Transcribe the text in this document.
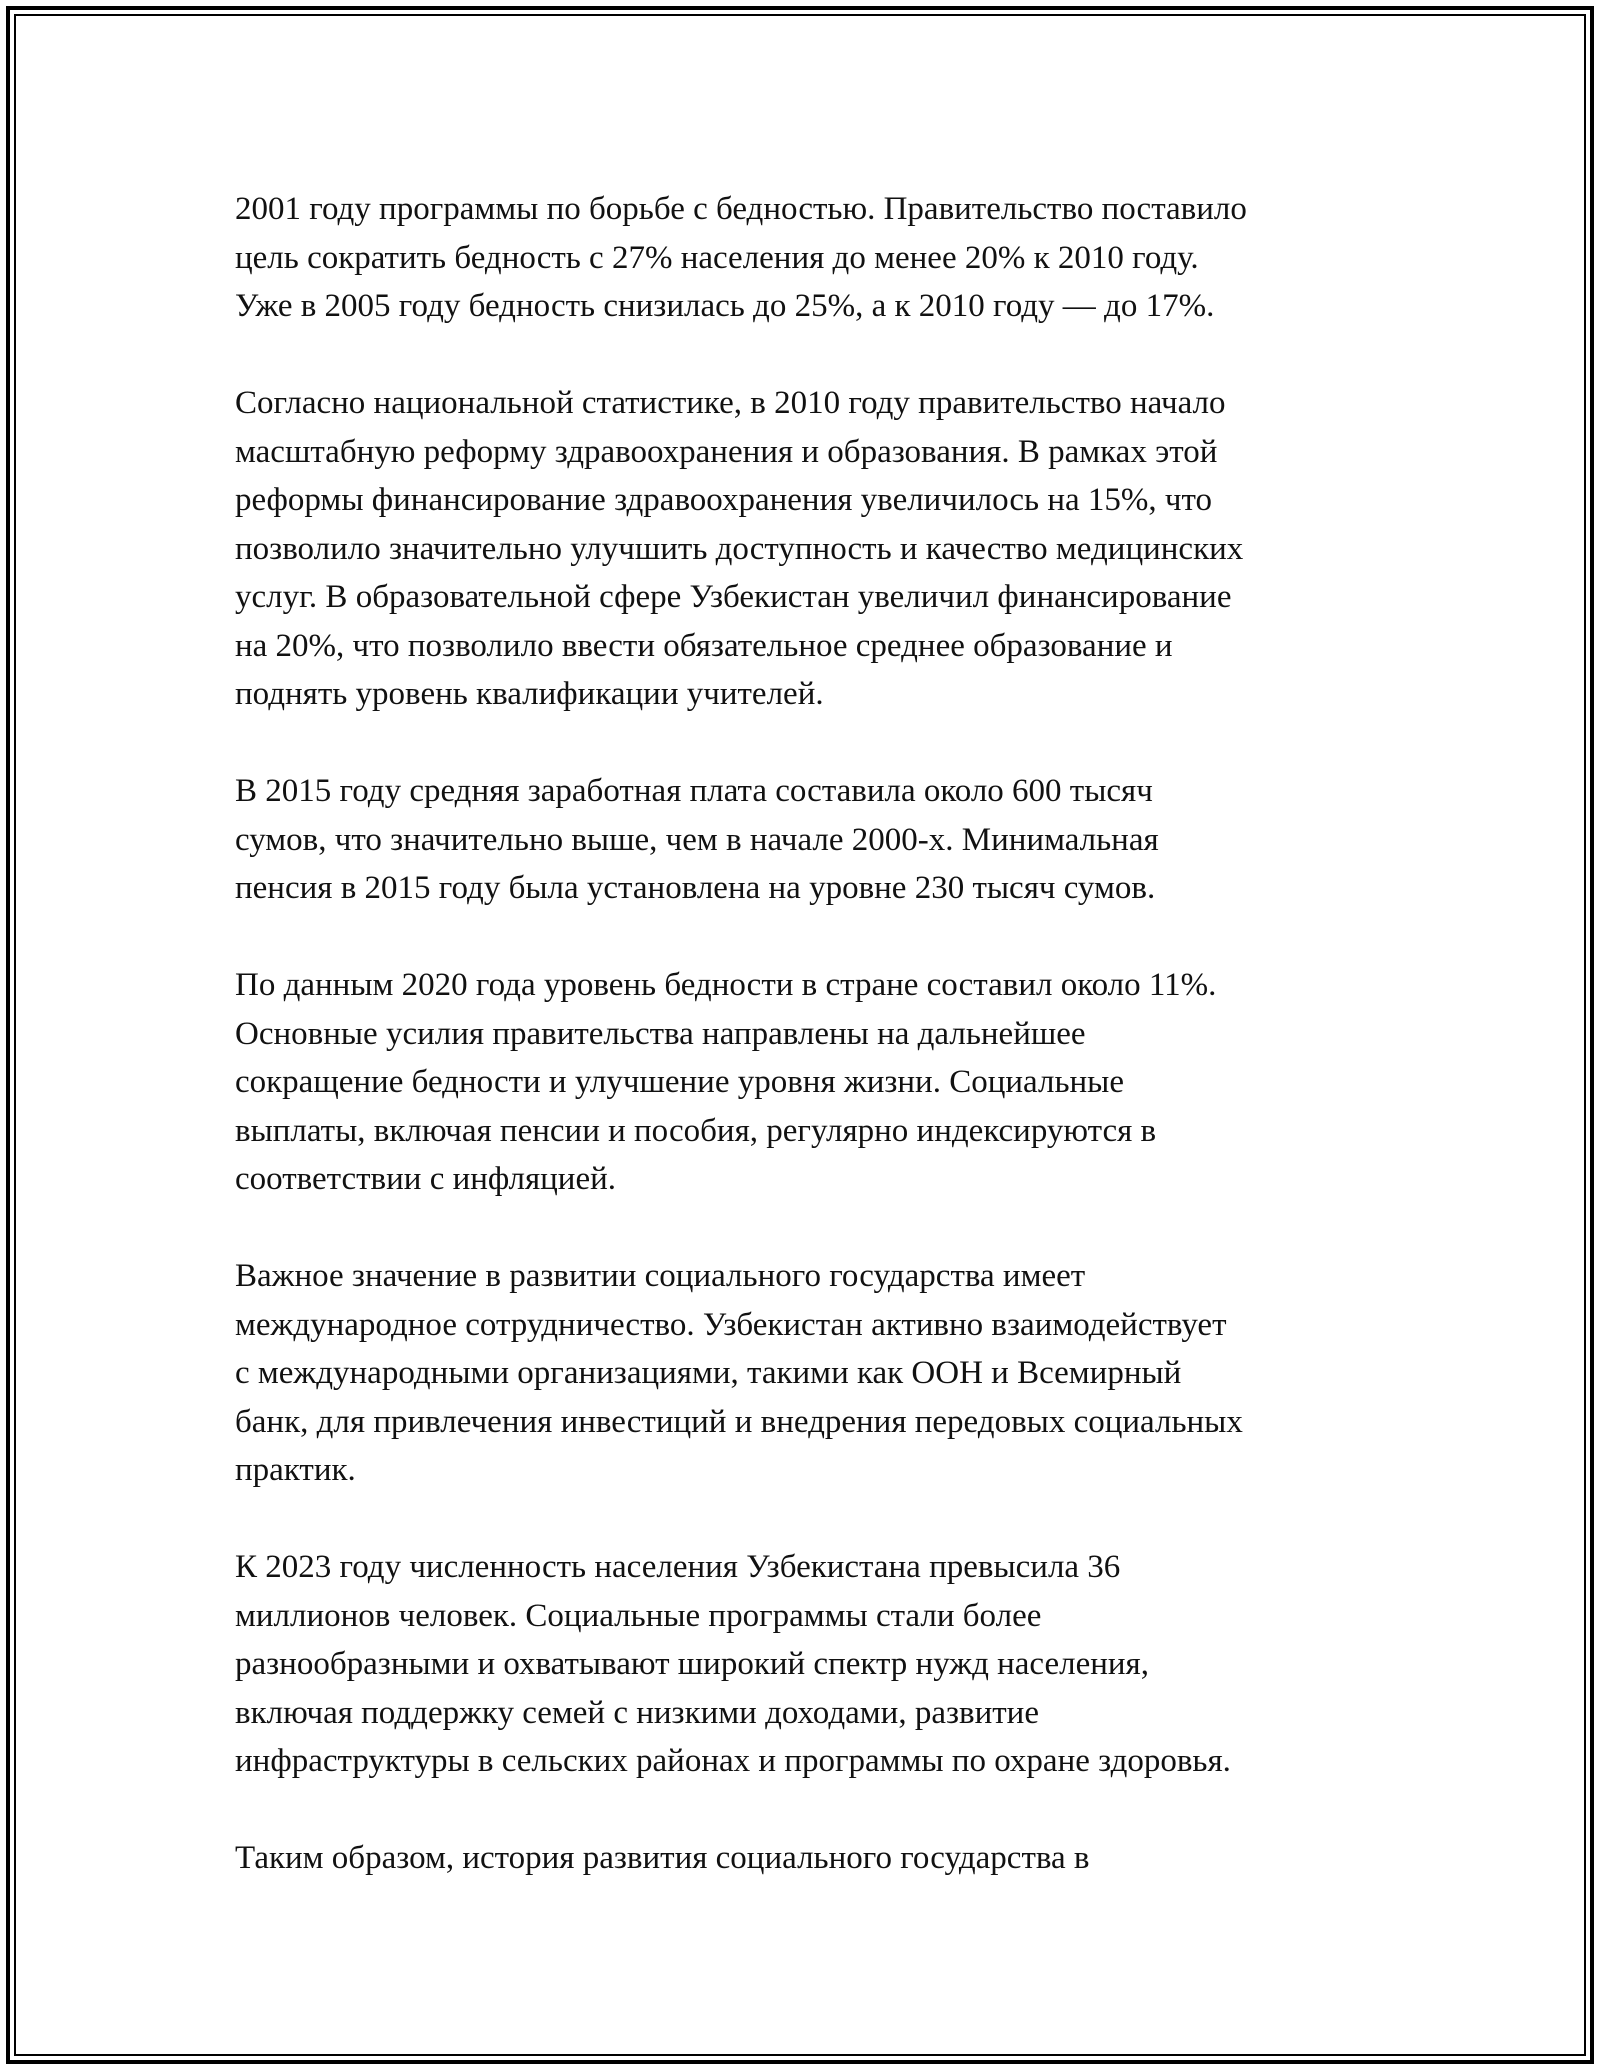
2001 году программы по борьбе с бедностью. Правительство поставило
цель сократить бедность с 27% населения до менее 20% к 2010 году.
Уже в 2005 году бедность снизилась до 25%, а к 2010 году — до 17%.

Согласно национальной статистике, в 2010 году правительство начало
масштабную реформу здравоохранения и образования. В рамках этой
реформы финансирование здравоохранения увеличилось на 15%, что
позволило значительно улучшить доступность и качество медицинских
услуг. В образовательной сфере Узбекистан увеличил финансирование
на 20%, что позволило ввести обязательное среднее образование и
поднять уровень квалификации учителей.

В 2015 году средняя заработная плата составила около 600 тысяч
сумов, что значительно выше, чем в начале 2000-х. Минимальная
пенсия в 2015 году была установлена на уровне 230 тысяч сумов.

По данным 2020 года уровень бедности в стране составил около 11%.
Основные усилия правительства направлены на дальнейшее
сокращение бедности и улучшение уровня жизни. Социальные
выплаты, включая пенсии и пособия, регулярно индексируются в
соответствии с инфляцией.

Важное значение в развитии социального государства имеет
международное сотрудничество. Узбекистан активно взаимодействует
с международными организациями, такими как ООН и Всемирный
банк, для привлечения инвестиций и внедрения передовых социальных
практик.

К 2023 году численность населения Узбекистана превысила 36
миллионов человек. Социальные программы стали более
разнообразными и охватывают широкий спектр нужд населения,
включая поддержку семей с низкими доходами, развитие
инфраструктуры в сельских районах и программы по охране здоровья.

Таким образом, история развития социального государства в
